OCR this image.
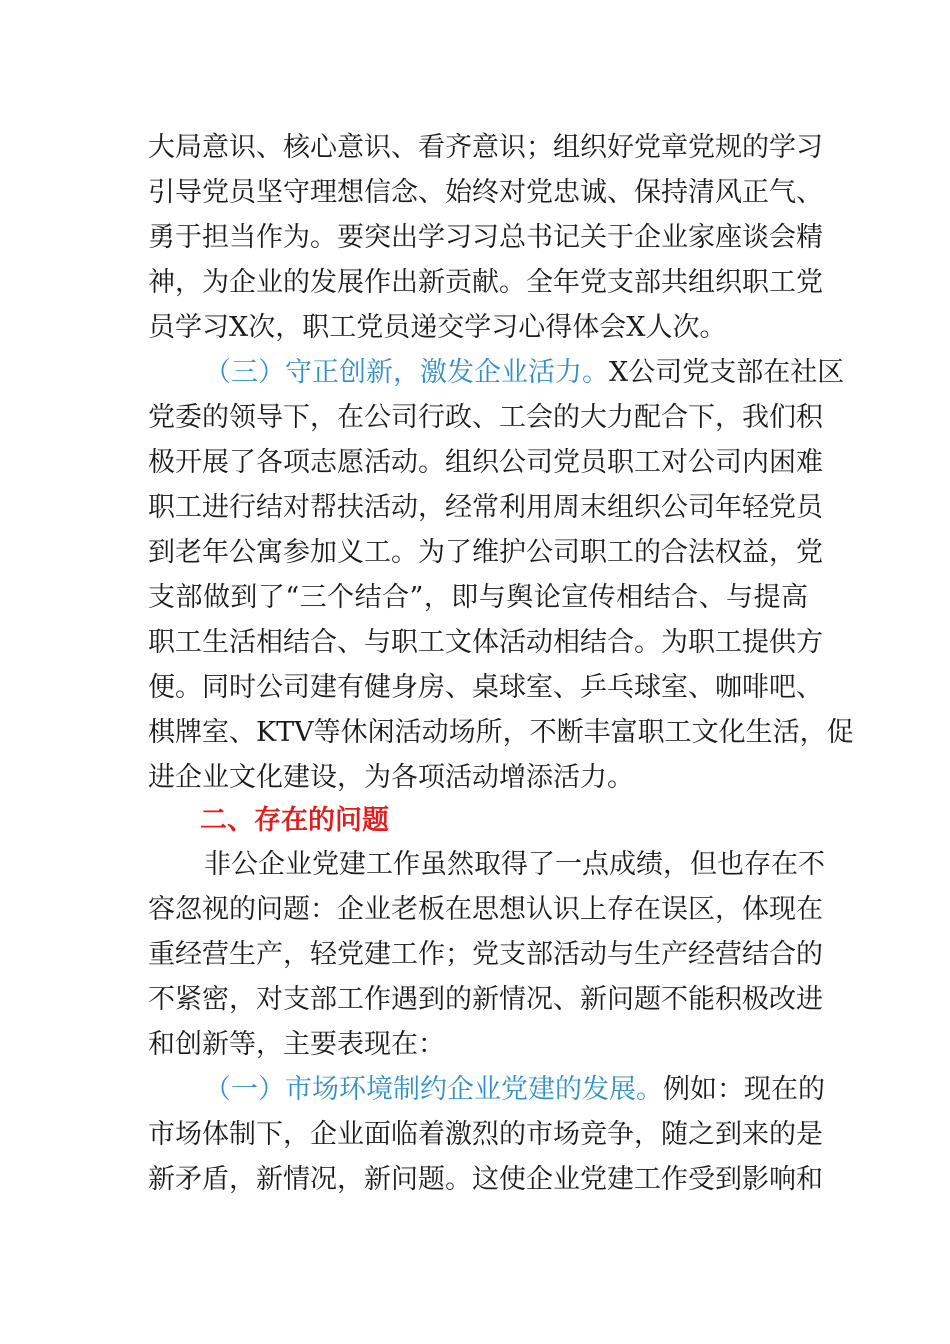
大局意识、核心意识、看齐意识；组织好党章党规的学习
引导党员坚守理想信念、始终对党忠诚、保持清风正气、
勇于担当作为。要突出学习习总书记关于企业家座谈会精
神，为企业的发展作出新贡献。全年党支部共组织职工党
员学习X次，职工党员递交学习心得体会X人次。
（三）守正创新，激发企业活力。X公司党支部在社区
党委的领导下，在公司行政、工会的大力配合下，我们积
极开展了各项志愿活动。组织公司党员职工对公司内困难
职工进行结对帮扶活动，经常利用周末组织公司年轻党员
到老年公寓参加义工。为了维护公司职工的合法权益，党
支部做到了“三个结合”，即与舆论宣传相结合、与提高
职工生活相结合、与职工文体活动相结合。为职工提供方
便。同时公司建有健身房、桌球室、乒乓球室、咖啡吧、
棋牌室、KTV等休闲活动场所，不断丰富职工文化生活，促
进企业文化建设，为各项活动增添活力。
二、存在的问题
非公企业党建工作虽然取得了一点成绩，但也存在不
容忽视的问题：企业老板在思想认识上存在误区，体现在
重经营生产，轻党建工作；党支部活动与生产经营结合的
不紧密，对支部工作遇到的新情况、新问题不能积极改进
和创新等，主要表现在：
（一）市场环境制约企业党建的发展。例如：现在的
市场体制下，企业面临着激烈的市场竞争，随之到来的是
新矛盾，新情况，新问题。这使企业党建工作受到影响和
